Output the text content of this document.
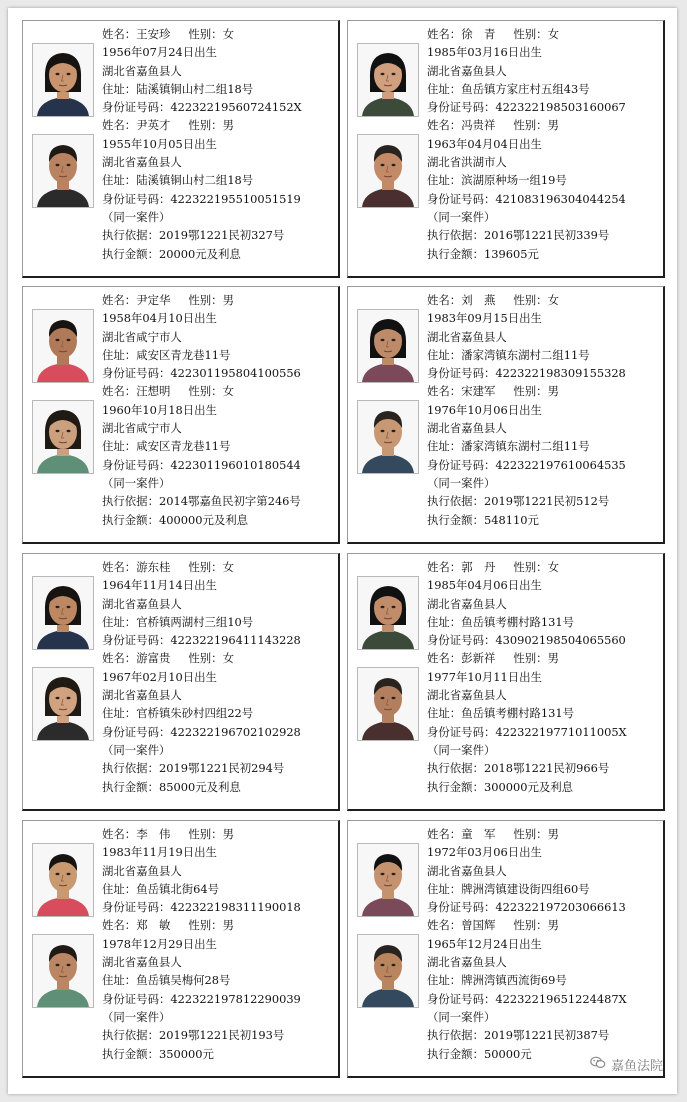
姓名：王安珍 性别：女
1956年07月24日出生
湖北省嘉鱼县人
住址：陆溪镇铜山村二组18号
身份证号码：42232219560724152X
姓名：尹英才 性别：男
1955年10月05日出生
湖北省嘉鱼县人
住址：陆溪镇铜山村二组18号
身份证号码：422322195510051519
（同一案件）
执行依据：2019鄂1221民初327号
执行金额：20000元及利息
姓名：徐　青 性别：女
1985年03月16日出生
湖北省嘉鱼县人
住址：鱼岳镇方家庄村五组43号
身份证号码：422322198503160067
姓名：冯贵祥 性别：男
1963年04月04日出生
湖北省洪湖市人
住址：滨湖原种场一组19号
身份证号码：421083196304044254
（同一案件）
执行依据：2016鄂1221民初339号
执行金额：139605元
姓名：尹定华 性别：男
1958年04月10日出生
湖北省咸宁市人
住址：咸安区青龙巷11号
身份证号码：422301195804100556
姓名：汪想明 性别：女
1960年10月18日出生
湖北省咸宁市人
住址：咸安区青龙巷11号
身份证号码：422301196010180544
（同一案件）
执行依据：2014鄂嘉鱼民初字第246号
执行金额：400000元及利息
姓名：刘　燕 性别：女
1983年09月15日出生
湖北省嘉鱼县人
住址：潘家湾镇东湖村二组11号
身份证号码：422322198309155328
姓名：宋建军 性别：男
1976年10月06日出生
湖北省嘉鱼县人
住址：潘家湾镇东湖村二组11号
身份证号码：422322197610064535
（同一案件）
执行依据：2019鄂1221民初512号
执行金额：548110元
姓名：游东桂 性别：女
1964年11月14日出生
湖北省嘉鱼县人
住址：官桥镇两湖村三组10号
身份证号码：422322196411143228
姓名：游富贵 性别：女
1967年02月10日出生
湖北省嘉鱼县人
住址：官桥镇朱砂村四组22号
身份证号码：422322196702102928
（同一案件）
执行依据：2019鄂1221民初294号
执行金额：85000元及利息
姓名：郭　丹 性别：女
1985年04月06日出生
湖北省嘉鱼县人
住址：鱼岳镇考棚村路131号
身份证号码：430902198504065560
姓名：彭新祥 性别：男
1977年10月11日出生
湖北省嘉鱼县人
住址：鱼岳镇考棚村路131号
身份证号码：42232219771011005X
（同一案件）
执行依据：2018鄂1221民初966号
执行金额：300000元及利息
姓名：李　伟 性别：男
1983年11月19日出生
湖北省嘉鱼县人
住址：鱼岳镇北街64号
身份证号码：422322198311190018
姓名：郑　敏 性别：男
1978年12月29日出生
湖北省嘉鱼县人
住址：鱼岳镇吴梅何28号
身份证号码：422322197812290039
（同一案件）
执行依据：2019鄂1221民初193号
执行金额：350000元
姓名：童　军 性别：男
1972年03月06日出生
湖北省嘉鱼县人
住址：牌洲湾镇建设街四组60号
身份证号码：422322197203066613
姓名：曾国辉 性别：男
1965年12月24日出生
湖北省嘉鱼县人
住址：牌洲湾镇西流街69号
身份证号码：42232219651224487X
（同一案件）
执行依据：2019鄂1221民初387号
执行金额：50000元
嘉鱼法院
